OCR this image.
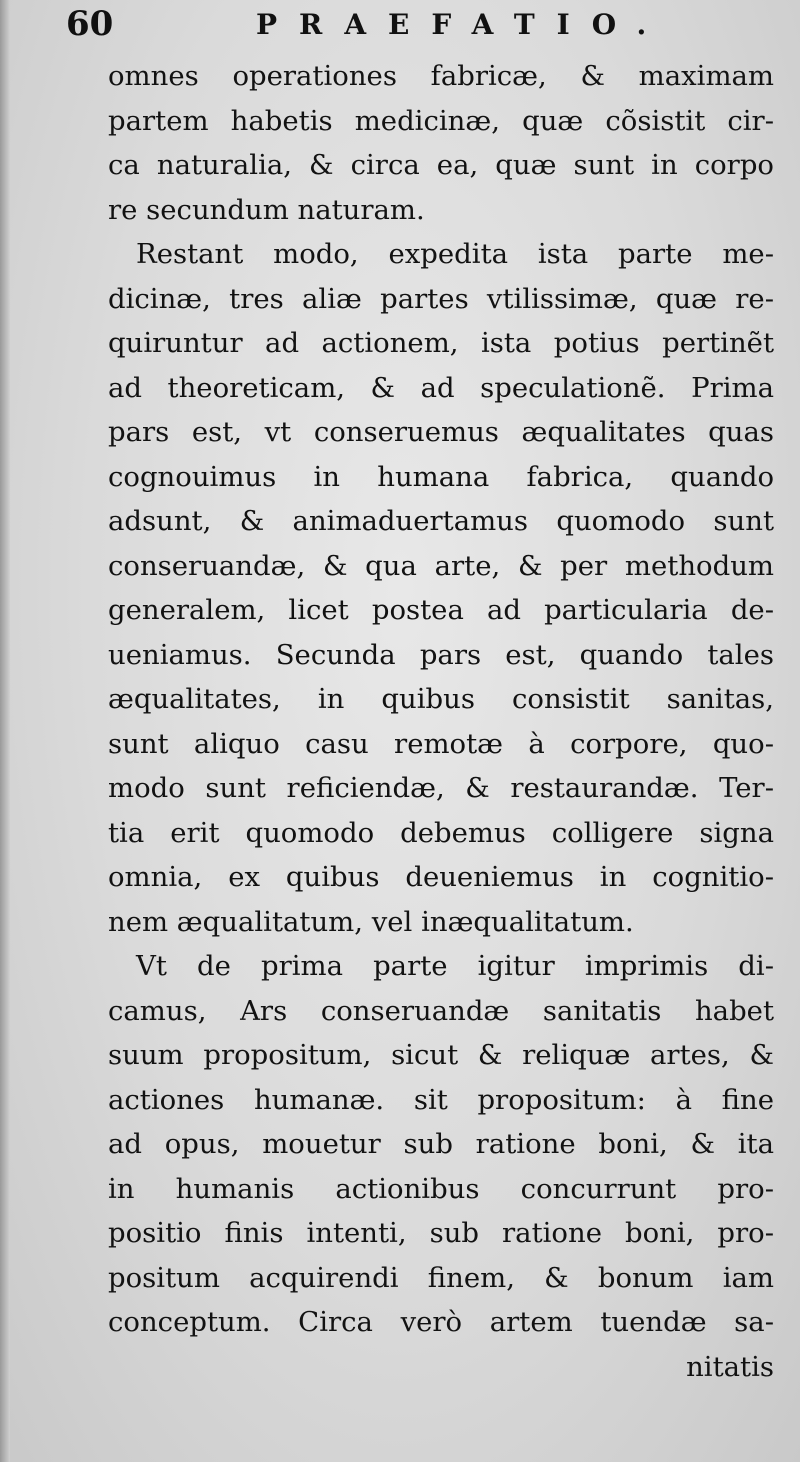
60	PRAEFATIO.
omnes operationes fabricæ, & maximam
partem habetis medicinæ, quæ cõsistit cir-
ca naturalia, & circa ea, quæ sunt in corpo
re secundum naturam.
Restant modo, expedita ista parte me-
dicinæ, tres aliæ partes vtilissimæ, quæ re-
quiruntur ad actionem, ista potius pertinẽt
ad theoreticam, & ad speculationẽ. Prima
pars est, vt conseruemus æqualitates quas
cognouimus in humana fabrica, quando
adsunt, & animaduertamus quomodo sunt
conseruandæ, & qua arte, & per methodum
generalem, licet postea ad particularia de-
ueniamus. Secunda pars est, quando tales
æqualitates, in quibus consistit sanitas,
sunt aliquo casu remotæ à corpore, quo-
modo sunt reficiendæ, & restaurandæ. Ter-
tia erit quomodo debemus colligere signa
omnia, ex quibus deueniemus in cognitio-
nem æqualitatum, vel inæqualitatum.
Vt de prima parte igitur imprimis di-
camus, Ars conseruandæ sanitatis habet
suum propositum, sicut & reliquæ artes, &
actiones humanæ. sit propositum: à fine
ad opus, mouetur sub ratione boni, & ita
in humanis actionibus concurrunt pro-
positio finis intenti, sub ratione boni, pro-
positum acquirendi finem, & bonum iam
conceptum. Circa verò artem tuendæ sa-
nitatis
